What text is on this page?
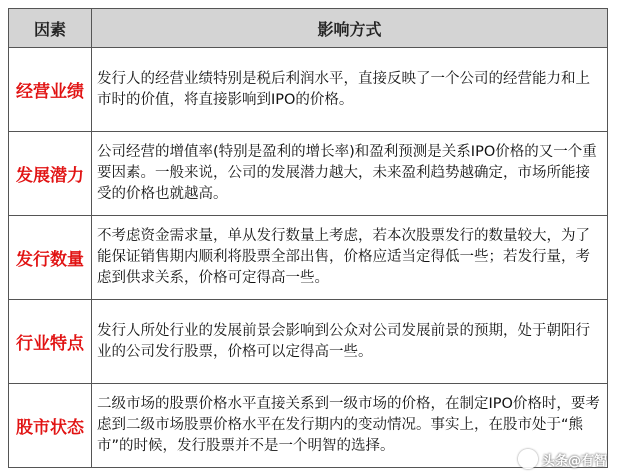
因素	影响方式
经营业绩	发行人的经营业绩特别是税后利润水平，直接反映了一个公司的经营能力和上市时的价值，将直接影响到IPO的价格。
发展潜力	公司经营的增值率(特别是盈利的增长率)和盈利预测是关系IPO价格的又一个重要因素。一般来说，公司的发展潜力越大，未来盈利趋势越确定，市场所能接受的价格也就越高。
发行数量	不考虑资金需求量，单从发行数量上考虑，若本次股票发行的数量较大，为了能保证销售期内顺利将股票全部出售，价格应适当定得低一些；若发行量，考虑到供求关系，价格可定得高一些。
行业特点	发行人所处行业的发展前景会影响到公众对公司发展前景的预期，处于朝阳行业的公司发行股票，价格可以定得高一些。
股市状态	二级市场的股票价格水平直接关系到一级市场的价格，在制定IPO价格时，要考虑到二级市场股票价格水平在发行期内的变动情况。事实上，在股市处于“熊市”的时候，发行股票并不是一个明智的选择。
头条@有智
